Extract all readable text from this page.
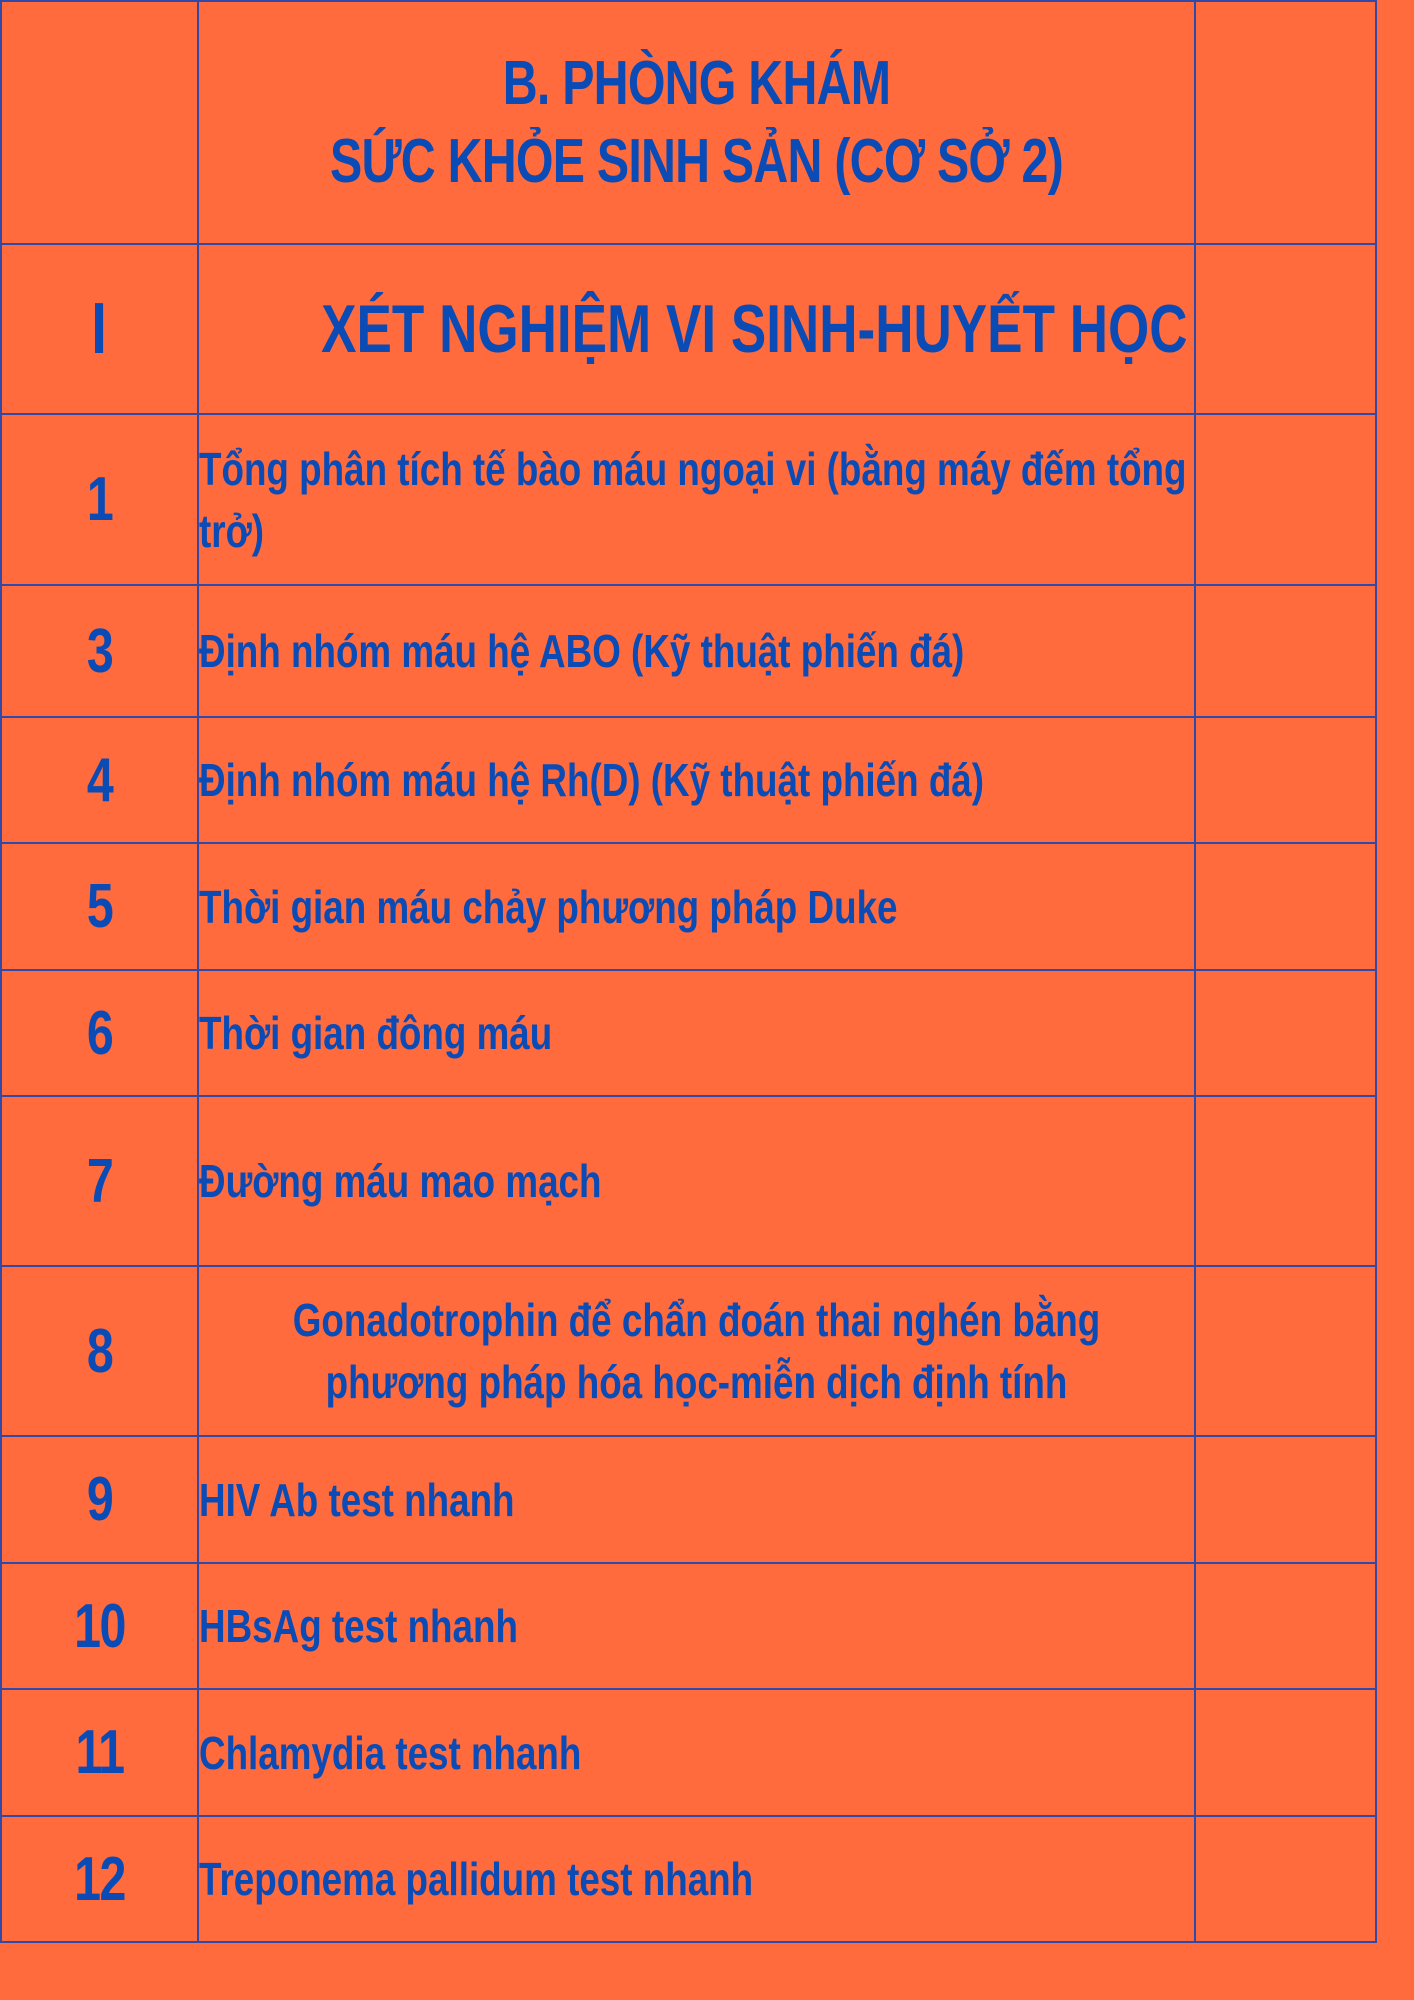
	B. PHÒNG KHÁM
SỨC KHỎE SINH SẢN (CƠ SỞ 2)	

I	XÉT NGHIỆM VI SINH-HUYẾT HỌC	
1	Tổng phân tích tế bào máu ngoại vi (bằng máy đếm tổng trở)	

3	Định nhóm máu hệ ABO (Kỹ thuật phiến đá)	

4	Định nhóm máu hệ Rh(D) (Kỹ thuật phiến đá)	

5	Thời gian máu chảy phương pháp Duke	

6	Thời gian đông máu	

7	Đường máu mao mạch	

8	Gonadotrophin để chẩn đoán thai nghén bằng phương pháp hóa học-miễn dịch định tính	

9	HIV Ab test nhanh	

10	HBsAg test nhanh	

11	Chlamydia test nhanh	

12	Treponema pallidum test nhanh	
